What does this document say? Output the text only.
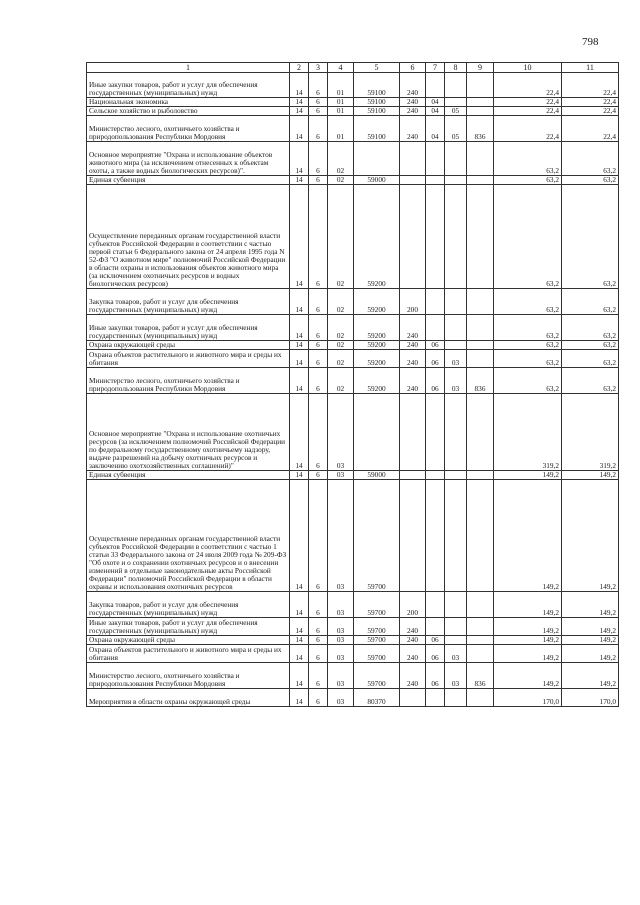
798
1	2	3	4	5	6	7	8	9	10	11
Иные закупки товаров, работ и услуг для обеспечения государственных (муниципальных) нужд	14	6	01	59100	240				22,4	22,4
Национальная экономика	14	6	01	59100	240	04			22,4	22,4
Сельское хозяйство и рыболовство	14	6	01	59100	240	04	05		22,4	22,4
Министерство лесного, охотничьего хозяйства и природопользования Республики Мордовия	14	6	01	59100	240	04	05	836	22,4	22,4
Основное мероприятие "Охрана и использование объектов животного мира (за исключением отнесенных к объектам охоты, а также водных биологических ресурсов)".	14	6	02						63,2	63,2
Единая субвенция	14	6	02	59000					63,2	63,2
Осуществление переданных органам государственной власти субъектов Российской Федерации в соответствии с частью первой статьи 6 Федерального закона от 24 апреля 1995 года N 52-ФЗ "О животном мире" полномочий Российской Федерации в области охраны и использования объектов животного мира (за исключением охотничьих ресурсов и водных биологических ресурсов)	14	6	02	59200					63,2	63,2
Закупка товаров, работ и услуг для обеспечения государственных (муниципальных) нужд	14	6	02	59200	200				63,2	63,2
Иные закупки товаров, работ и услуг для обеспечения государственных (муниципальных) нужд	14	6	02	59200	240				63,2	63,2
Охрана окружающей среды	14	6	02	59200	240	06			63,2	63,2
Охрана объектов растительного и животного мира и среды их обитания	14	6	02	59200	240	06	03		63,2	63,2
Министерство лесного, охотничьего хозяйства и природопользования Республики Мордовия	14	6	02	59200	240	06	03	836	63,2	63,2
Основное мероприятие "Охрана и использование охотничьих ресурсов (за исключением полномочий Российской Федерации по федеральному государственному охотничьему надзору, выдаче разрешений на добычу охотничьих ресурсов и заключению охотхозяйственных соглашений)"	14	6	03						319,2	319,2
Единая субвенция	14	6	03	59000					149,2	149,2
Осуществление переданных органам государственной власти субъектов Российской Федерации в соответствии с частью 1 статьи 33 Федерального закона от 24 июля 2009 года № 209-ФЗ "Об охоте и о сохранении охотничьих ресурсов и о внесении изменений в отдельные законодательные акты Российской Федерации" полномочий Российской Федерации в области охраны и использования охотничьих ресурсов	14	6	03	59700					149,2	149,2
Закупка товаров, работ и услуг для обеспечения государственных (муниципальных) нужд	14	6	03	59700	200				149,2	149,2
Иные закупки товаров, работ и услуг для обеспечения государственных (муниципальных) нужд	14	6	03	59700	240				149,2	149,2
Охрана окружающей среды	14	6	03	59700	240	06			149,2	149,2
Охрана объектов растительного и животного мира и среды их обитания	14	6	03	59700	240	06	03		149,2	149,2
Министерство лесного, охотничьего хозяйства и природопользования Республики Мордовия	14	6	03	59700	240	06	03	836	149,2	149,2
Мероприятия в области охраны окружающей среды	14	6	03	80370					170,0	170,0
